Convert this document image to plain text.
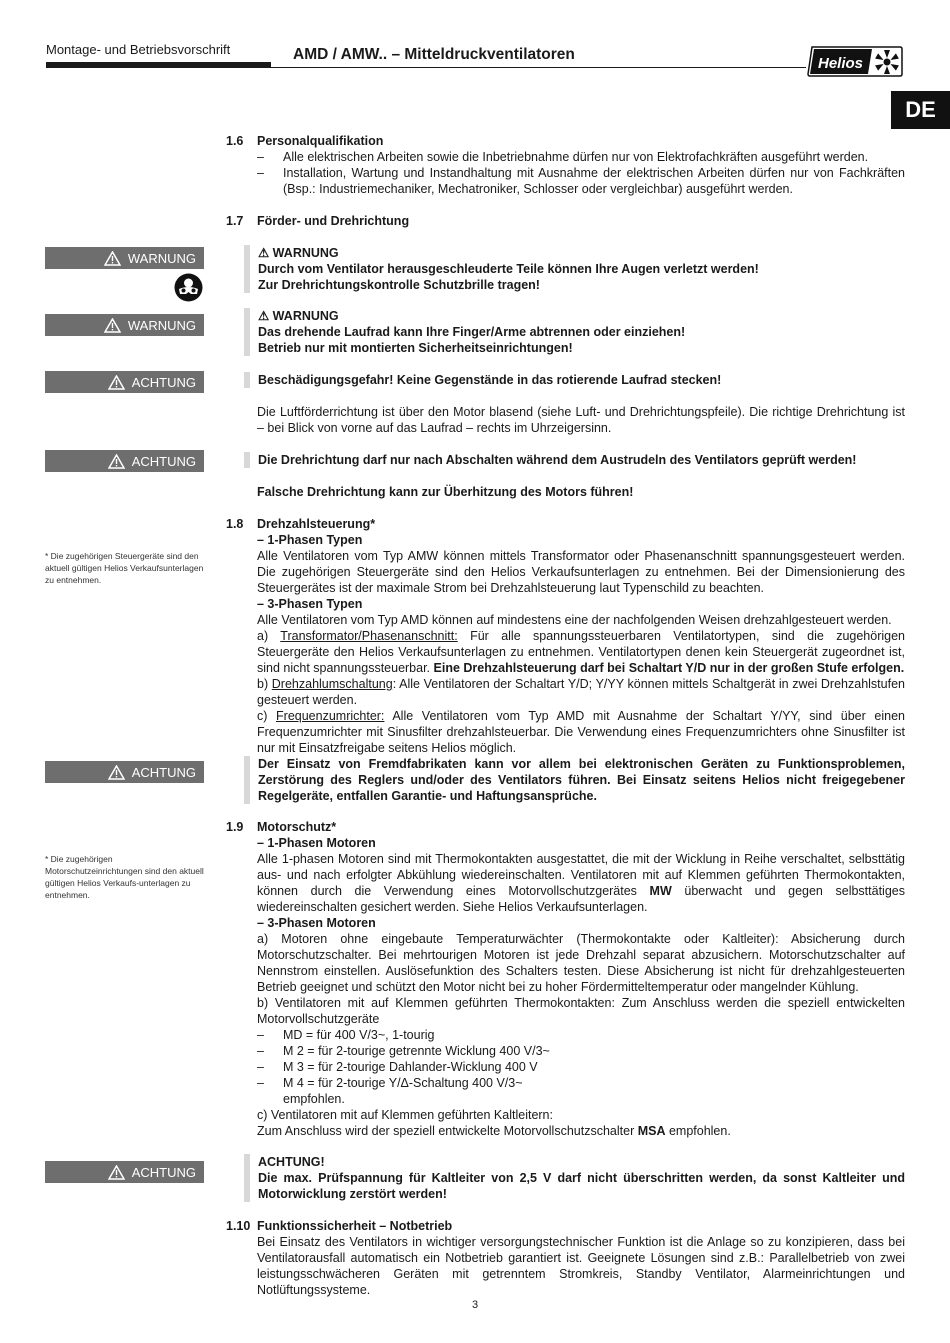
Montage- und Betriebsvorschrift	AMD / AMW.. – Mitteldruckventilatoren
Helios
DE
1.6 Personalqualifikation
– Alle elektrischen Arbeiten sowie die Inbetriebnahme dürfen nur von Elektrofachkräften ausgeführt werden.
– Installation, Wartung und Instandhaltung mit Ausnahme der elektrischen Arbeiten dürfen nur von Fachkräften (Bsp.: Industriemechaniker, Mechatroniker, Schlosser oder vergleichbar) ausgeführt werden.
1.7 Förder- und Drehrichtung
WARNUNG	⚠ WARNUNG

Durch vom Ventilator herausgeschleuderte Teile können Ihre Augen verletzt werden!

Zur Drehrichtungskontrolle Schutzbrille tragen!

WARNUNG

⚠ WARNUNG

Das drehende Laufrad kann Ihre Finger/Arme abtrennen oder einziehen!

Betrieb nur mit montierten Sicherheitseinrichtungen!

ACHTUNG	Beschädigungsgefahr! Keine Gegenstände in das rotierende Laufrad stecken!

Die Luftförderrichtung ist über den Motor blasend (siehe Luft- und Drehrichtungspfeile). Die richtige Drehrichtung ist – bei Blick von vorne auf das Laufrad – rechts im Uhrzeigersinn.

ACHTUNG	Die Drehrichtung darf nur nach Abschalten während dem Austrudeln des Ventilators geprüft werden!

Falsche Drehrichtung kann zur Überhitzung des Motors führen!
1.8 Drehzahlsteuerung*
* Die zugehörigen Steuergeräte sind den aktuell gültigen Helios Verkaufsunterlagen zu entnehmen.

– 1-Phasen Typen

Alle Ventilatoren vom Typ AMW können mittels Transformator oder Phasenanschnitt spannungsgesteuert werden. Die zugehörigen Steuergeräte sind den Helios Verkaufsunterlagen zu entnehmen. Bei der Dimensionierung des Steuergerätes ist der maximale Strom bei Drehzahlsteuerung laut Typenschild zu beachten.

– 3-Phasen Typen

Alle Ventilatoren vom Typ AMD können auf mindestens eine der nachfolgenden Weisen drehzahlgesteuert werden.

a) Transformator/Phasenanschnitt: Für alle spannungssteuerbaren Ventilatortypen, sind die zugehörigen Steuergeräte den Helios Verkaufsunterlagen zu entnehmen. Ventilatortypen denen kein Steuergerät zugeordnet ist, sind nicht spannungssteuerbar. Eine Drehzahlsteuerung darf bei Schaltart Y/D nur in der großen Stufe erfolgen.

b) Drehzahlumschaltung: Alle Ventilatoren der Schaltart Y/D; Y/YY können mittels Schaltgerät in zwei Drehzahlstufen gesteuert werden.

c) Frequenzumrichter: Alle Ventilatoren vom Typ AMD mit Ausnahme der Schaltart Y/YY, sind über einen Frequenzumrichter mit Sinusfilter drehzahlsteuerbar. Die Verwendung eines Frequenzumrichters ohne Sinusfilter ist nur mit Einsatzfreigabe seitens Helios möglich.

ACHTUNG

Der Einsatz von Fremdfabrikaten kann vor allem bei elektronischen Geräten zu Funktionsproblemen, Zerstörung des Reglers und/oder des Ventilators führen. Bei Einsatz seitens Helios nicht freigegebener Regelgeräte, entfallen Garantie- und Haftungsansprüche.

1.9 Motorschutz*
* Die zugehörigen Motorschutzeinrichtungen sind den aktuell gültigen Helios Verkaufs-unterlagen zu entnehmen.

– 1-Phasen Motoren

Alle 1-phasen Motoren sind mit Thermokontakten ausgestattet, die mit der Wicklung in Reihe verschaltet, selbsttätig aus- und nach erfolgter Abkühlung wiedereinschalten. Ventilatoren mit auf Klemmen geführten Thermokontakten, können durch die Verwendung eines Motorvollschutzgerätes MW überwacht und gegen selbsttätiges wiedereinschalten gesichert werden. Siehe Helios Verkaufsunterlagen.

– 3-Phasen Motoren

a) Motoren ohne eingebaute Temperaturwächter (Thermokontakte oder Kaltleiter): Absicherung durch Motorschutzschalter. Bei mehrtourigen Motoren ist jede Drehzahl separat abzusichern. Motorschutzschalter auf Nennstrom einstellen. Auslösefunktion des Schalters testen. Diese Absicherung ist nicht für drehzahlgesteuerten Betrieb geeignet und schützt den Motor nicht bei zu hoher Fördermitteltemperatur oder mangelnder Kühlung.

b) Ventilatoren mit auf Klemmen geführten Thermokontakten: Zum Anschluss werden die speziell entwickelten Motorvollschutzgeräte

– MD = für 400 V/3~, 1-tourig
– M 2 = für 2-tourige getrennte Wicklung 400 V/3~
– M 3 = für 2-tourige Dahlander-Wicklung 400 V
– M 4 = für 2-tourige Y/Δ-Schaltung 400 V/3~

empfohlen.

c) Ventilatoren mit auf Klemmen geführten Kaltleitern:

Zum Anschluss wird der speziell entwickelte Motorvollschutzschalter MSA empfohlen.

ACHTUNG

ACHTUNG!

Die max. Prüfspannung für Kaltleiter von 2,5 V darf nicht überschritten werden, da sonst Kaltleiter und Motorwicklung zerstört werden!

1.10 Funktionssicherheit – Notbetrieb

Bei Einsatz des Ventilators in wichtiger versorgungstechnischer Funktion ist die Anlage so zu konzipieren, dass bei Ventilatorausfall automatisch ein Notbetrieb garantiert ist. Geeignete Lösungen sind z.B.: Parallelbetrieb von zwei leistungsschwächeren Geräten mit getrenntem Stromkreis, Standby Ventilator, Alarmeinrichtungen und Notlüftungssysteme.

3
